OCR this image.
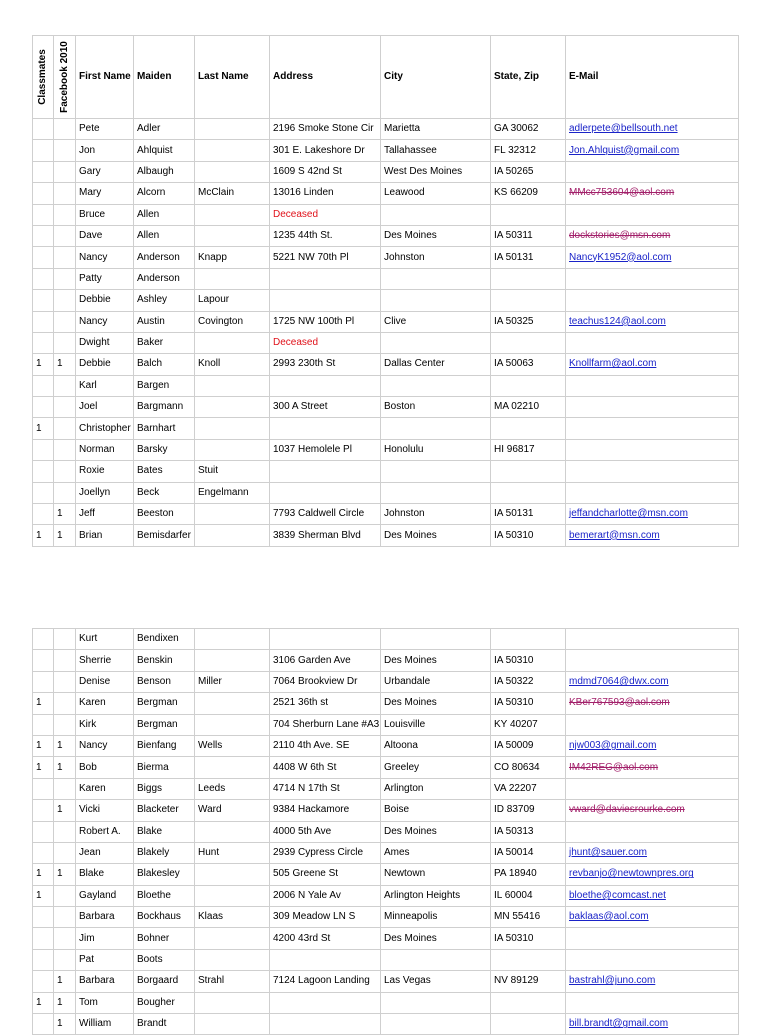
Classmates	Facebook 2010	First Name	Maiden	Last Name	Address	City	State, Zip	E-Mail
		Pete	Adler		2196 Smoke Stone Cir	Marietta	GA 30062	adlerpete@bellsouth.net
		Jon	Ahlquist		301 E. Lakeshore Dr	Tallahassee	FL 32312	Jon.Ahlquist@gmail.com
		Gary	Albaugh		1609 S 42nd St	West Des Moines	IA 50265	
		Mary	Alcorn	McClain	13016 Linden	Leawood	KS 66209	MMcc753604@aol.com
		Bruce	Allen		Deceased			
		Dave	Allen		1235 44th St.	Des Moines	IA 50311	dockstories@msn.com
		Nancy	Anderson	Knapp	5221 NW 70th Pl	Johnston	IA 50131	NancyK1952@aol.com
		Patty	Anderson					
		Debbie	Ashley	Lapour				
		Nancy	Austin	Covington	1725 NW 100th Pl	Clive	IA 50325	teachus124@aol.com
		Dwight	Baker		Deceased			
1	1	Debbie	Balch	Knoll	2993 230th St	Dallas Center	IA 50063	Knollfarm@aol.com
		Karl	Bargen					
		Joel	Bargmann		300 A Street	Boston	MA 02210	
1		Christopher	Barnhart					
		Norman	Barsky		1037 Hemolele Pl	Honolulu	HI 96817	
		Roxie	Bates	Stuit				
		Joellyn	Beck	Engelmann				
	1	Jeff	Beeston		7793 Caldwell Circle	Johnston	IA 50131	jeffandcharlotte@msn.com
1	1	Brian	Bemisdarfer		3839 Sherman Blvd	Des Moines	IA 50310	bemerart@msn.com
		Kurt	Bendixen					
		Sherrie	Benskin		3106 Garden Ave	Des Moines	IA 50310	
		Denise	Benson	Miller	7064 Brookview Dr	Urbandale	IA 50322	mdmd7064@dwx.com
1		Karen	Bergman		2521 36th st	Des Moines	IA 50310	KBer767593@aol.com
		Kirk	Bergman		704 Sherburn Lane #A3	Louisville	KY 40207	
1	1	Nancy	Bienfang	Wells	2110 4th Ave. SE	Altoona	IA 50009	njw003@gmail.com
1	1	Bob	Bierma		4408 W 6th St	Greeley	CO 80634	IM42REG@aol.com
		Karen	Biggs	Leeds	4714 N 17th St	Arlington	VA 22207	
	1	Vicki	Blacketer	Ward	9384 Hackamore	Boise	ID 83709	vward@daviesrourke.com
		Robert A.	Blake		4000 5th Ave	Des Moines	IA 50313	
		Jean	Blakely	Hunt	2939 Cypress Circle	Ames	IA 50014	jhunt@sauer.com
1	1	Blake	Blakesley		505 Greene St	Newtown	PA 18940	revbanjo@newtownpres.org
1		Gayland	Bloethe		2006 N Yale Av	Arlington Heights	IL 60004	bloethe@comcast.net
		Barbara	Bockhaus	Klaas	309 Meadow LN S	Minneapolis	MN 55416	baklaas@aol.com
		Jim	Bohner		4200 43rd St	Des Moines	IA 50310	
		Pat	Boots					
	1	Barbara	Borgaard	Strahl	7124 Lagoon Landing	Las Vegas	NV 89129	bastrahl@juno.com
1	1	Tom	Bougher					
	1	William	Brandt					bill.brandt@gmail.com
